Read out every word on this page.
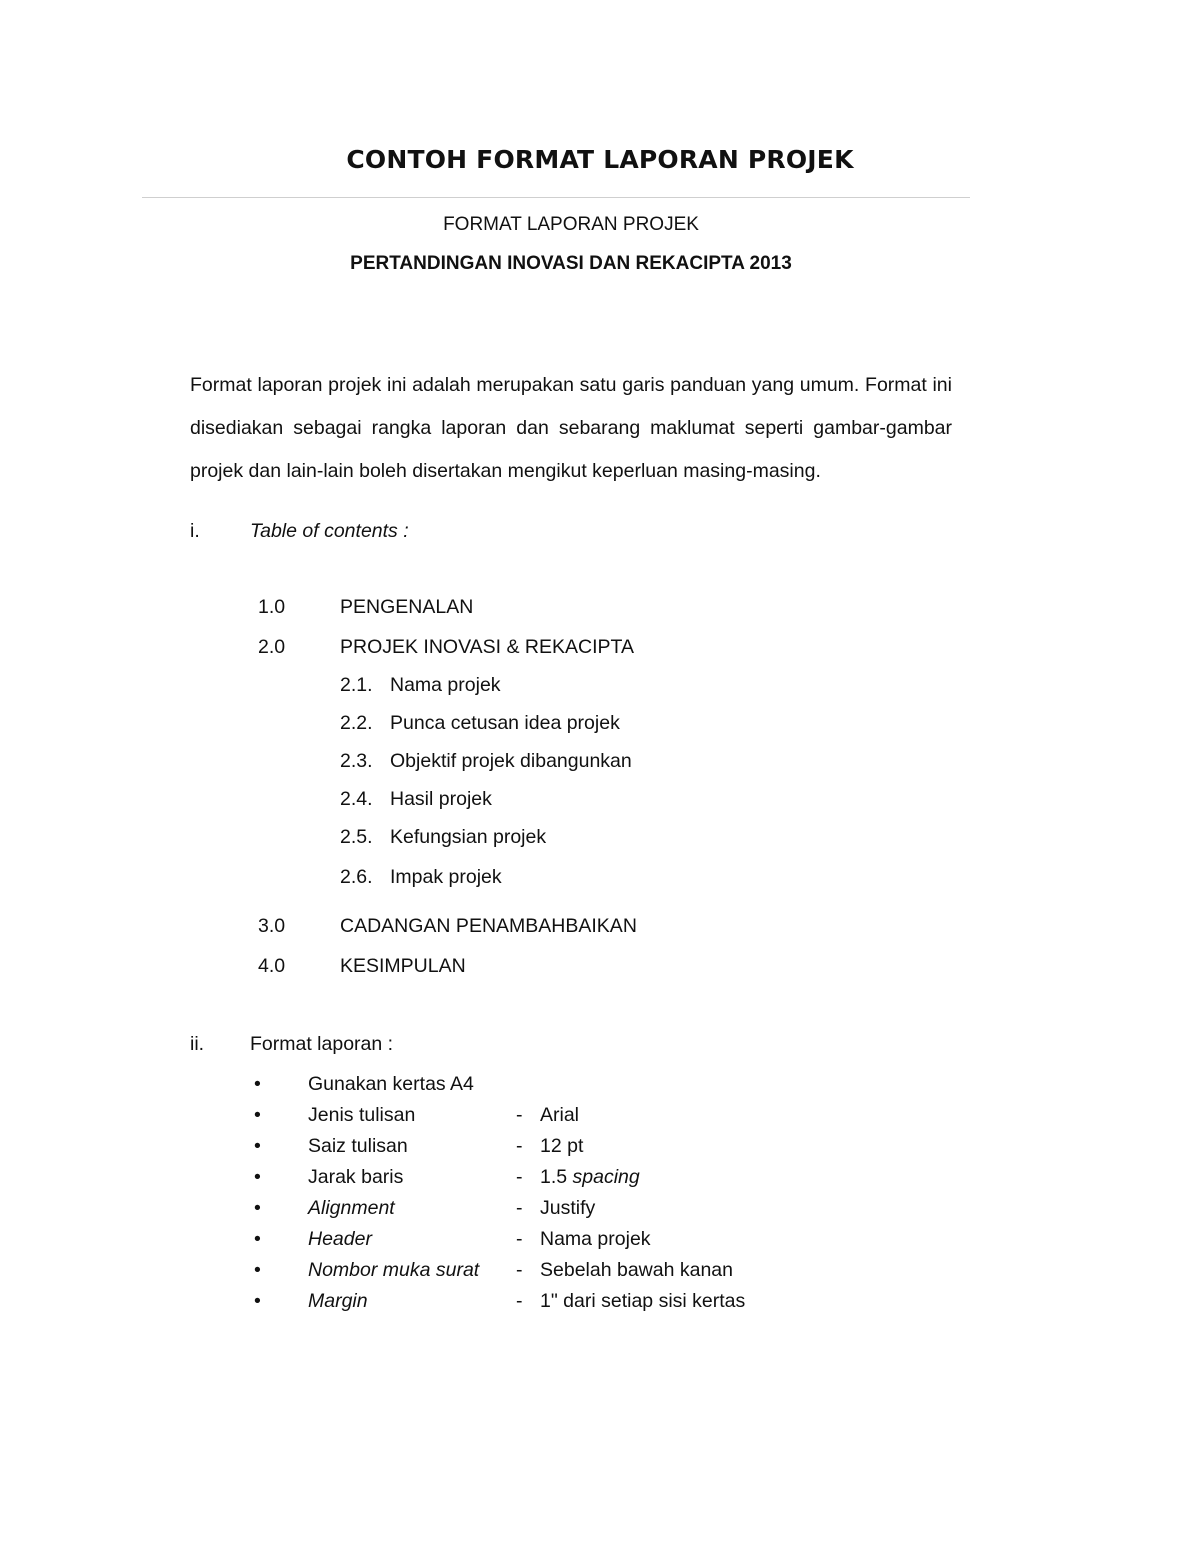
CONTOH FORMAT LAPORAN PROJEK
FORMAT LAPORAN PROJEK
PERTANDINGAN INOVASI DAN REKACIPTA 2013
Format laporan projek ini adalah merupakan satu garis panduan yang umum. Format ini disediakan sebagai rangka laporan dan sebarang maklumat seperti gambar-gambar projek dan lain-lain boleh disertakan mengikut keperluan masing-masing.
i.	Table of contents :
1.0	PENGENALAN
2.0	PROJEK INOVASI & REKACIPTA
2.1. Nama projek
2.2. Punca cetusan idea projek
2.3. Objektif projek dibangunkan
2.4. Hasil projek
2.5. Kefungsian projek
2.6. Impak projek
3.0	CADANGAN PENAMBAHBAIKAN
4.0	KESIMPULAN
ii. Format laporan :
• Gunakan kertas A4
• Jenis tulisan	- Arial
• Saiz tulisan	- 12 pt
• Jarak baris	- 1.5 spacing
• Alignment	- Justify
• Header	- Nama projek
• Nombor muka surat - Sebelah bawah kanan
• Margin	- 1" dari setiap sisi kertas
